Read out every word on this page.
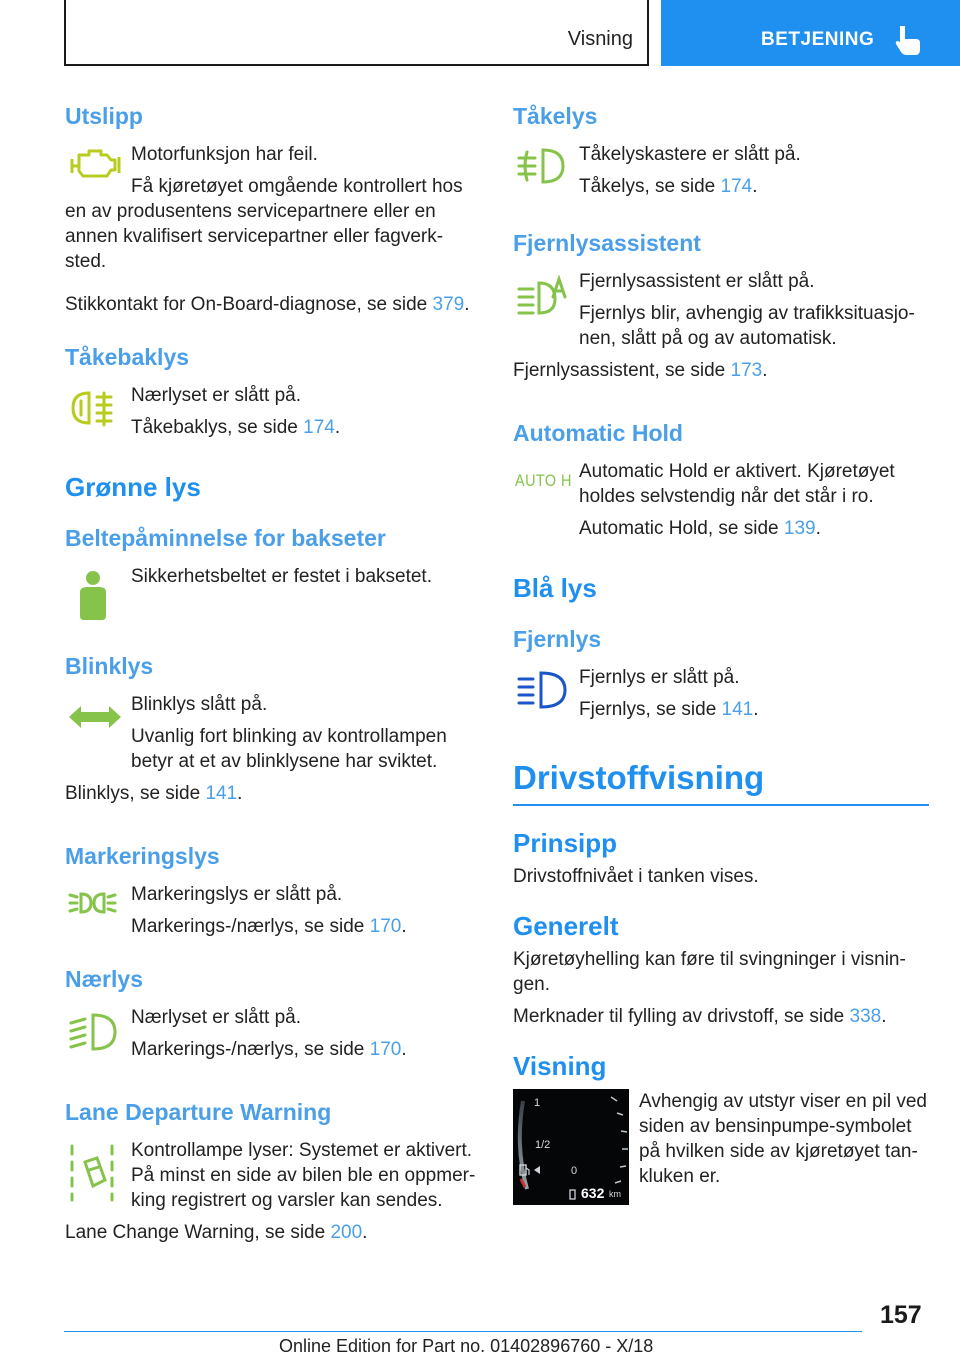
Visning	BETJENING
Utslipp

Motorfunksjon har feil.

Få kjøretøyet omgående kontrollert hos en av produsentens servicepartnere eller en annen kvalifisert servicepartner eller fagverk-sted.

Stikkontakt for On-Board-diagnose, se side 379.

Tåkebaklys

Nærlyset er slått på.

Tåkebaklys, se side 174.

Grønne lys
Beltepåminnelse for bakseter

Sikkerhetsbeltet er festet i baksetet.

Blinklys

Blinklys slått på.

Uvanlig fort blinking av kontrollampen betyr at et av blinklysene har sviktet.

Blinklys, se side 141.

Markeringslys

Markeringslys er slått på.

Markerings-/nærlys, se side 170.

Nærlys

Nærlyset er slått på.

Markerings-/nærlys, se side 170.

Lane Departure Warning

Kontrollampe lyser: Systemet er aktivert. På minst en side av bilen ble en oppmer-king registrert og varsler kan sendes.

Lane Change Warning, se side 200.

Tåkelys

Tåkelyskastere er slått på.

Tåkelys, se side 174.

Fjernlysassistent

Fjernlysassistent er slått på.

Fjernlys blir, avhengig av trafikksituasjo-nen, slått på og av automatisk.

Fjernlysassistent, se side 173.

Automatic Hold
AUTO H Automatic Hold er aktivert. Kjøretøyet holdes selvstendig når det står i ro.

Automatic Hold, se side 139.

Blå lys
Fjernlys

Fjernlys er slått på.

Fjernlys, se side 141.

Drivstoffvisning
Prinsipp

Drivstoffnivået i tanken vises.

Generelt

Kjøretøyhelling kan føre til svingninger i visnin-gen.

Merknader til fylling av drivstoff, se side 338.

Visning
1
1/2
0
632 km

Avhengig av utstyr viser en pil ved siden av bensinpumpe-symbolet på hvilken side av kjøretøyet tan-kluken er.

157
Online Edition for Part no. 01402896760 - X/18
